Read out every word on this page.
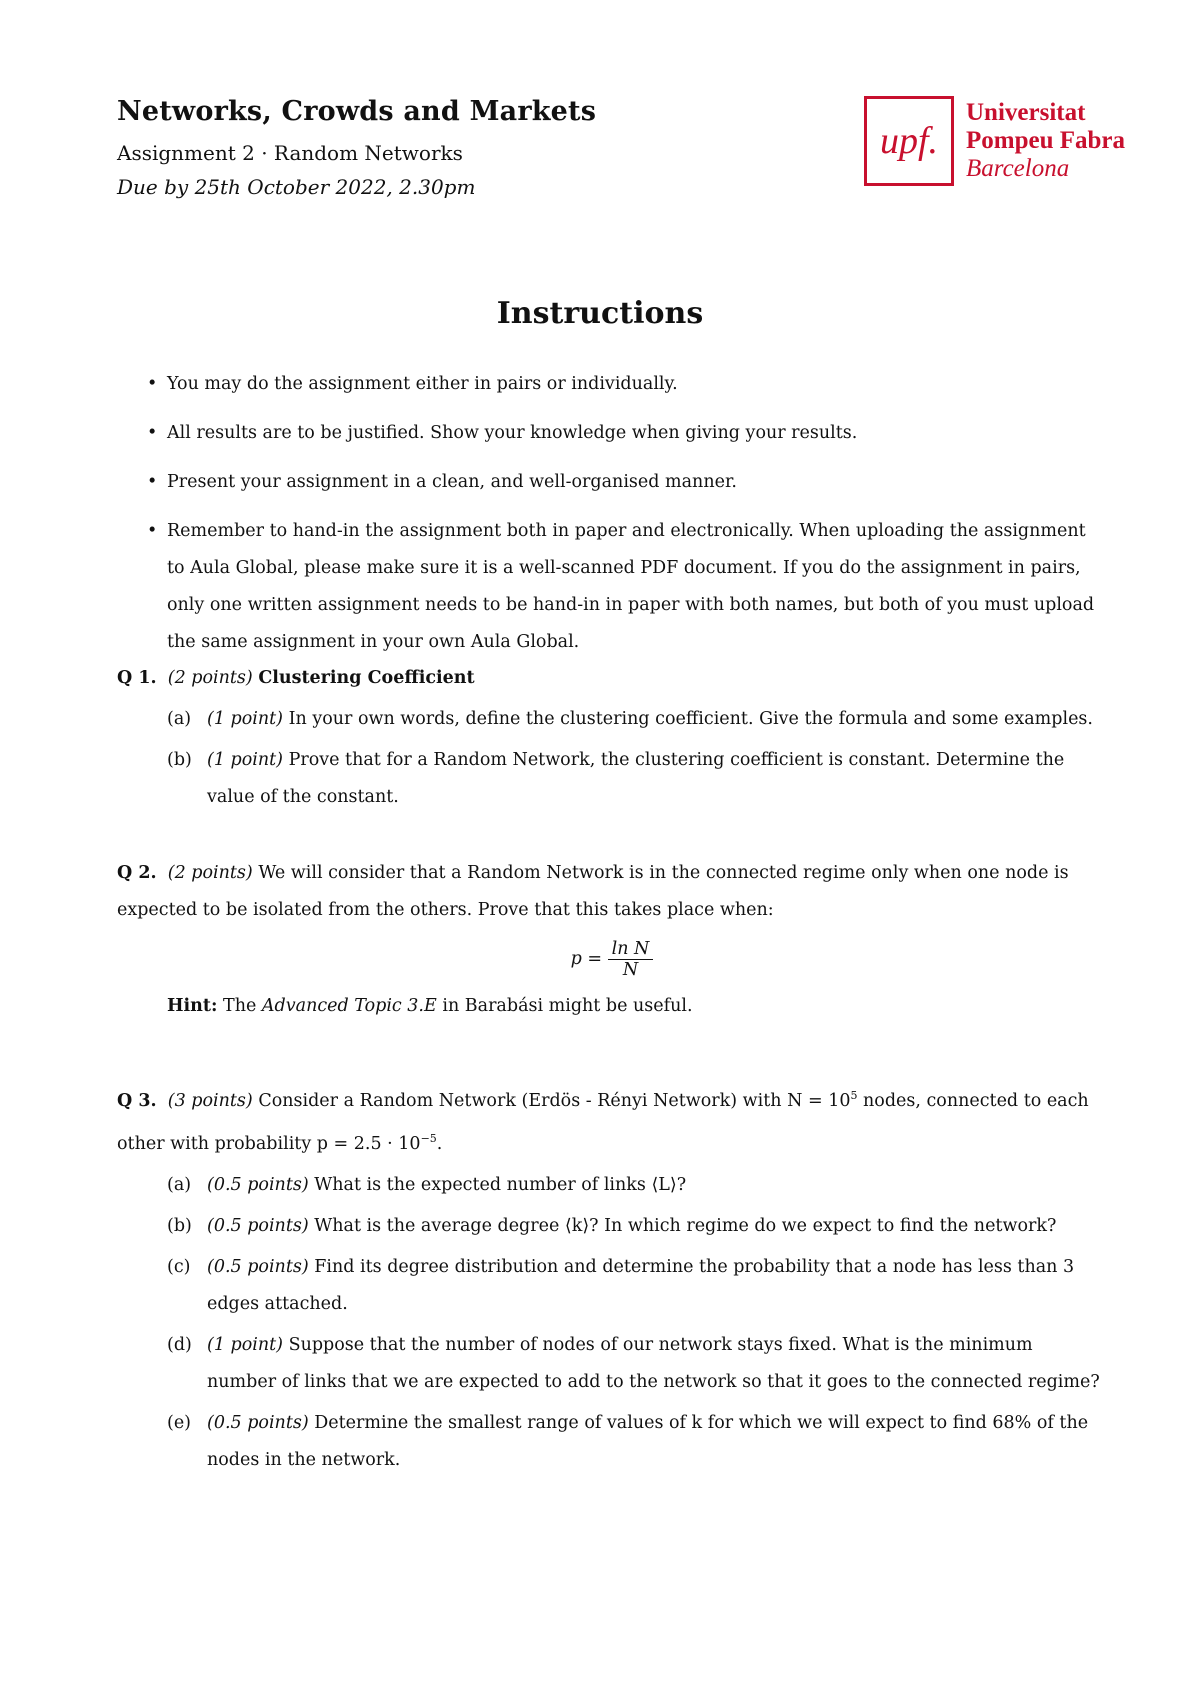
Networks, Crowds and Markets
Assignment 2 · Random Networks
Due by 25th October 2022, 2.30pm
upf.
Universitat
Pompeu Fabra
Barcelona
Instructions
• You may do the assignment either in pairs or individually.
• All results are to be justified. Show your knowledge when giving your results.
• Present your assignment in a clean, and well-organised manner.
• Remember to hand-in the assignment both in paper and electronically. When uploading the assignment to Aula Global, please make sure it is a well-scanned PDF document. If you do the assignment in pairs, only one written assignment needs to be hand-in in paper with both names, but both of you must upload the same assignment in your own Aula Global.
Q 1. (2 points) Clustering Coefficient
(a) (1 point) In your own words, define the clustering coefficient. Give the formula and some examples.
(b) (1 point) Prove that for a Random Network, the clustering coefficient is constant. Determine the value of the constant.
Q 2. (2 points) We will consider that a Random Network is in the connected regime only when one node is expected to be isolated from the others. Prove that this takes place when:
$p = \frac{\text{ln N}}{N}$
Hint: The Advanced Topic 3.E in Barabási might be useful.
Q 3. (3 points) Consider a Random Network (Erdös - Rényi Network) with $N = 10^5$ nodes, connected to each other with probability $p = 2.5 \cdot 10^{-5}$.
(a) (0.5 points) What is the expected number of links ⟨L⟩?
(b) (0.5 points) What is the average degree ⟨k⟩? In which regime do we expect to find the network?
(c) (0.5 points) Find its degree distribution and determine the probability that a node has less than 3 edges attached.
(d) (1 point) Suppose that the number of nodes of our network stays fixed. What is the minimum number of links that we are expected to add to the network so that it goes to the connected regime?
(e) (0.5 points) Determine the smallest range of values of k for which we will expect to find 68% of the nodes in the network.
